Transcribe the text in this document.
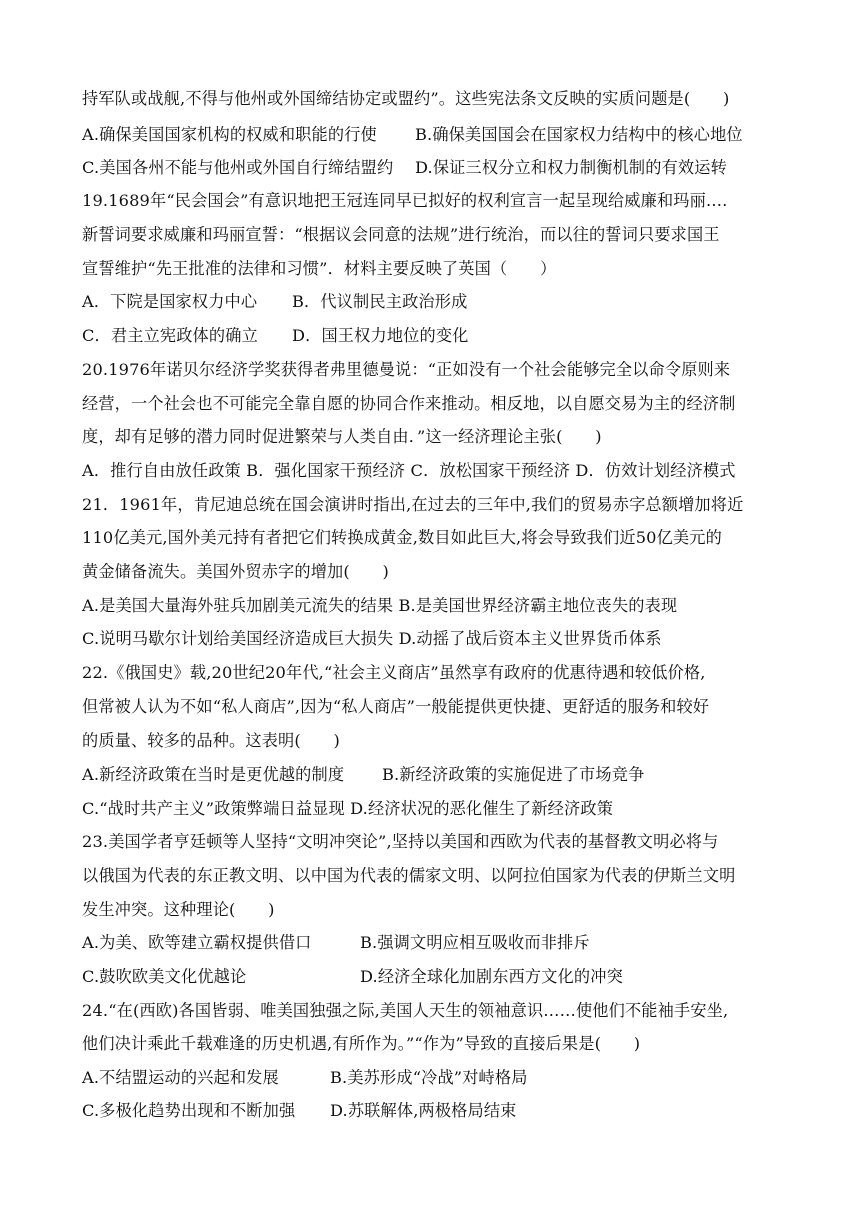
持军队或战舰,不得与他州或外国缔结协定或盟约”。这些宪法条文反映的实质问题是(　　)
A.确保美国国家机构的权威和职能的行使 B.确保美国国会在国家权力结构中的核心地位
C.美国各州不能与他州或外国自行缔结盟约 D.保证三权分立和权力制衡机制的有效运转
19.1689年“民会国会”有意识地把王冠连同早已拟好的权利宣言一起呈现给威廉和玛丽.…
新誓词要求威廉和玛丽宣誓：“根据议会同意的法规”进行统治，而以往的誓词只要求国王
宣誓维护“先王批准的法律和习惯”．材料主要反映了英国（　　）
A．下院是国家权力中心 B．代议制民主政治形成
C．君主立宪政体的确立 D．国王权力地位的变化
20.1976年诺贝尔经济学奖获得者弗里德曼说：“正如没有一个社会能够完全以命令原则来
经营，一个社会也不可能完全靠自愿的协同合作来推动。相反地，以自愿交易为主的经济制
度，却有足够的潜力同时促进繁荣与人类自由．”这一经济理论主张(　　)
A．推行自由放任政策 B．强化国家干预经济 C．放松国家干预经济 D．仿效计划经济模式
21．1961年，肯尼迪总统在国会演讲时指出,在过去的三年中,我们的贸易赤字总额增加将近
110亿美元,国外美元持有者把它们转换成黄金,数目如此巨大,将会导致我们近50亿美元的
黄金储备流失。美国外贸赤字的增加(　　)
A.是美国大量海外驻兵加剧美元流失的结果 B.是美国世界经济霸主地位丧失的表现
C.说明马歇尔计划给美国经济造成巨大损失 D.动摇了战后资本主义世界货币体系
22.《俄国史》载,20世纪20年代,“社会主义商店”虽然享有政府的优惠待遇和较低价格,
但常被人认为不如“私人商店”,因为“私人商店”一般能提供更快捷、更舒适的服务和较好
的质量、较多的品种。这表明(　　)
A.新经济政策在当时是更优越的制度 B.新经济政策的实施促进了市场竞争
C.“战时共产主义”政策弊端日益显现 D.经济状况的恶化催生了新经济政策
23.美国学者亨廷顿等人坚持“文明冲突论”,坚持以美国和西欧为代表的基督教文明必将与
以俄国为代表的东正教文明、以中国为代表的儒家文明、以阿拉伯国家为代表的伊斯兰文明
发生冲突。这种理论(　　)
A.为美、欧等建立霸权提供借口	B.强调文明应相互吸收而非排斥
C.鼓吹欧美文化优越论	D.经济全球化加剧东西方文化的冲突
24.“在(西欧)各国皆弱、唯美国独强之际,美国人天生的领袖意识……使他们不能袖手安坐,
他们决计乘此千载难逢的历史机遇,有所作为。”“作为”导致的直接后果是(　　)
A.不结盟运动的兴起和发展	B.美苏形成“冷战”对峙格局
C.多极化趋势出现和不断加强 D.苏联解体,两极格局结束
